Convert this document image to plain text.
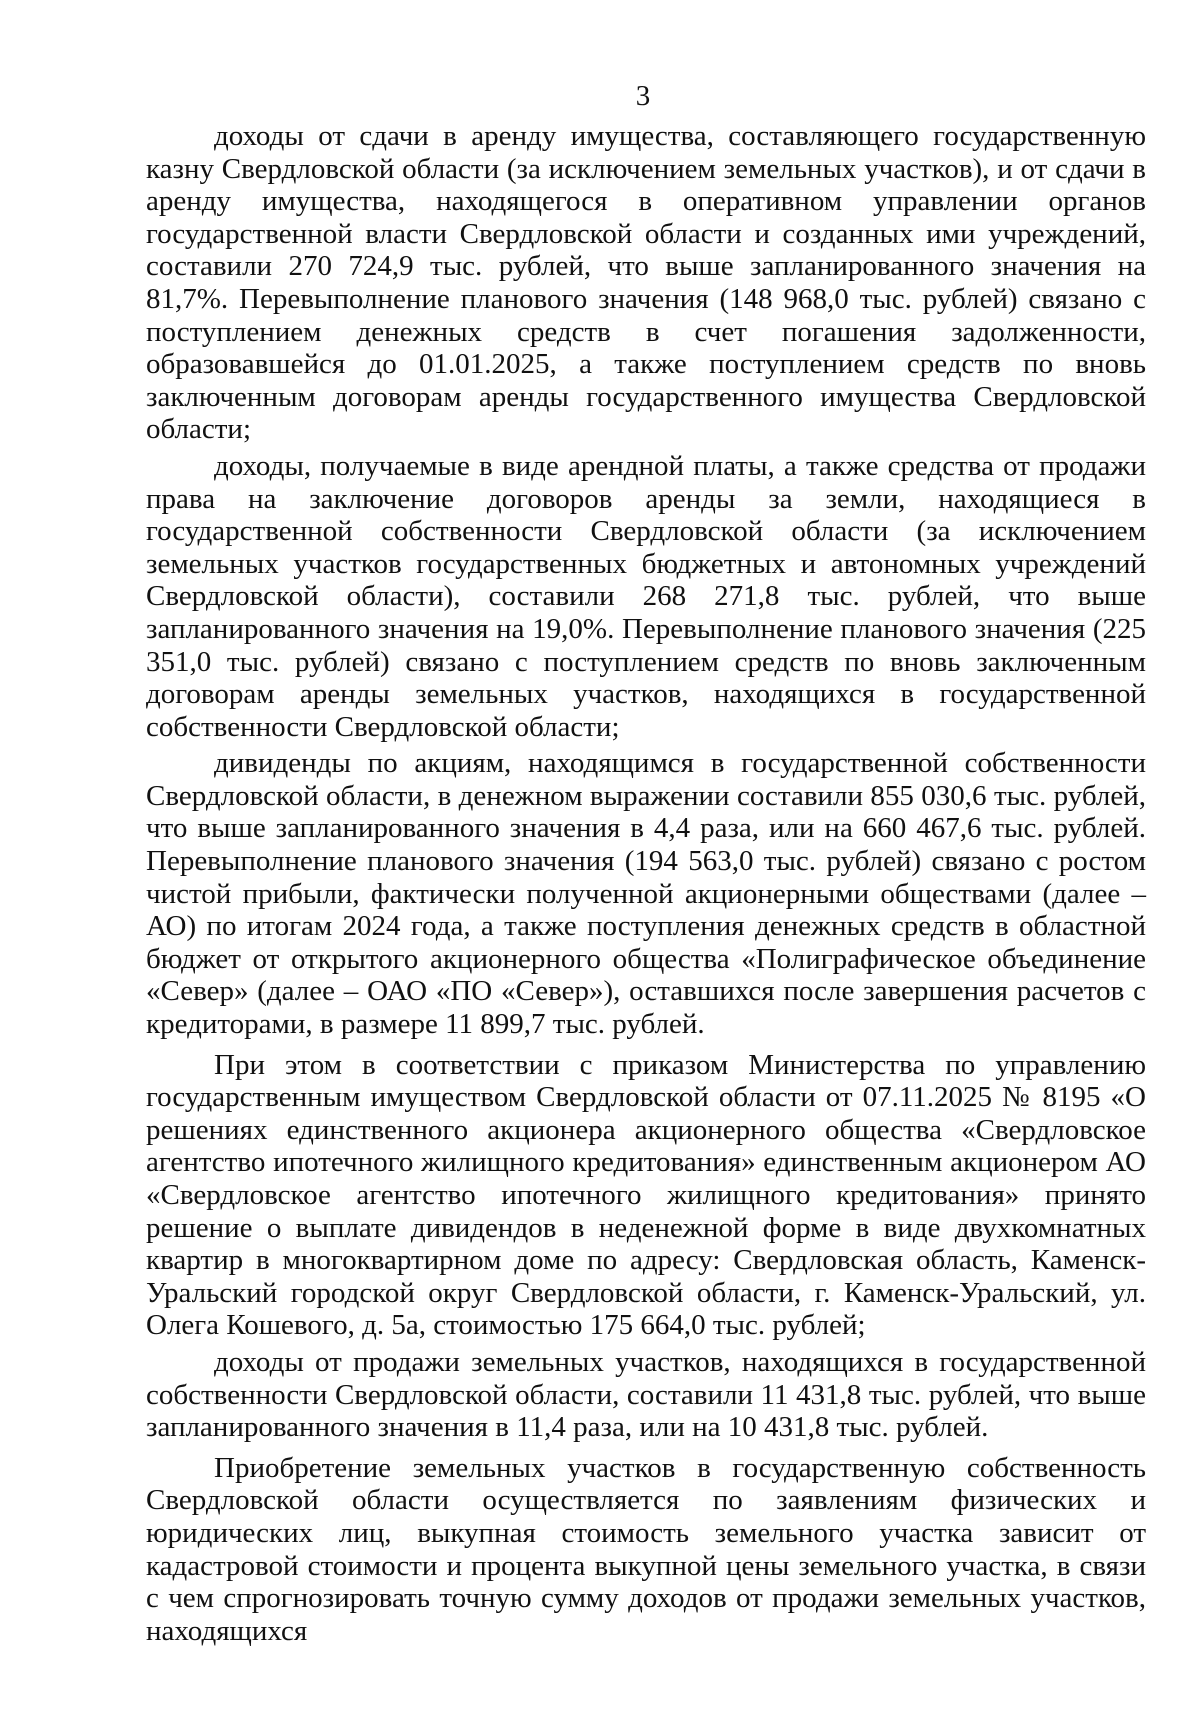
3

доходы от сдачи в аренду имущества, составляющего государственную казну Свердловской области (за исключением земельных участков), и от сдачи в аренду имущества, находящегося в оперативном управлении органов государственной власти Свердловской области и созданных ими учреждений, составили 270 724,9 тыс. рублей, что выше запланированного значения на 81,7%. Перевыполнение планового значения (148 968,0 тыс. рублей) связано с поступлением денежных средств в счет погашения задолженности, образовавшейся до 01.01.2025, а также поступлением средств по вновь заключенным договорам аренды государственного имущества Свердловской области;

доходы, получаемые в виде арендной платы, а также средства от продажи права на заключение договоров аренды за земли, находящиеся в государственной собственности Свердловской области (за исключением земельных участков государственных бюджетных и автономных учреждений Свердловской области), составили 268 271,8 тыс. рублей, что выше запланированного значения на 19,0%. Перевыполнение планового значения (225 351,0 тыс. рублей) связано с поступлением средств по вновь заключенным договорам аренды земельных участков, находящихся в государственной собственности Свердловской области;

дивиденды по акциям, находящимся в государственной собственности Свердловской области, в денежном выражении составили 855 030,6 тыс. рублей, что выше запланированного значения в 4,4 раза, или на 660 467,6 тыс. рублей. Перевыполнение планового значения (194 563,0 тыс. рублей) связано с ростом чистой прибыли, фактически полученной акционерными обществами (далее – АО) по итогам 2024 года, а также поступления денежных средств в областной бюджет от открытого акционерного общества «Полиграфическое объединение «Север» (далее – ОАО «ПО «Север»), оставшихся после завершения расчетов с кредиторами, в размере 11 899,7 тыс. рублей.

При этом в соответствии с приказом Министерства по управлению государственным имуществом Свердловской области от 07.11.2025 № 8195 «О решениях единственного акционера акционерного общества «Свердловское агентство ипотечного жилищного кредитования» единственным акционером АО «Свердловское агентство ипотечного жилищного кредитования» принято решение о выплате дивидендов в неденежной форме в виде двухкомнатных квартир в многоквартирном доме по адресу: Свердловская область, Каменск-Уральский городской округ Свердловской области, г. Каменск-Уральский, ул. Олега Кошевого, д. 5а, стоимостью 175 664,0 тыс. рублей;

доходы от продажи земельных участков, находящихся в государственной собственности Свердловской области, составили 11 431,8 тыс. рублей, что выше запланированного значения в 11,4 раза, или на 10 431,8 тыс. рублей.

Приобретение земельных участков в государственную собственность Свердловской области осуществляется по заявлениям физических и юридических лиц, выкупная стоимость земельного участка зависит от кадастровой стоимости и процента выкупной цены земельного участка, в связи с чем спрогнозировать точную сумму доходов от продажи земельных участков, находящихся
